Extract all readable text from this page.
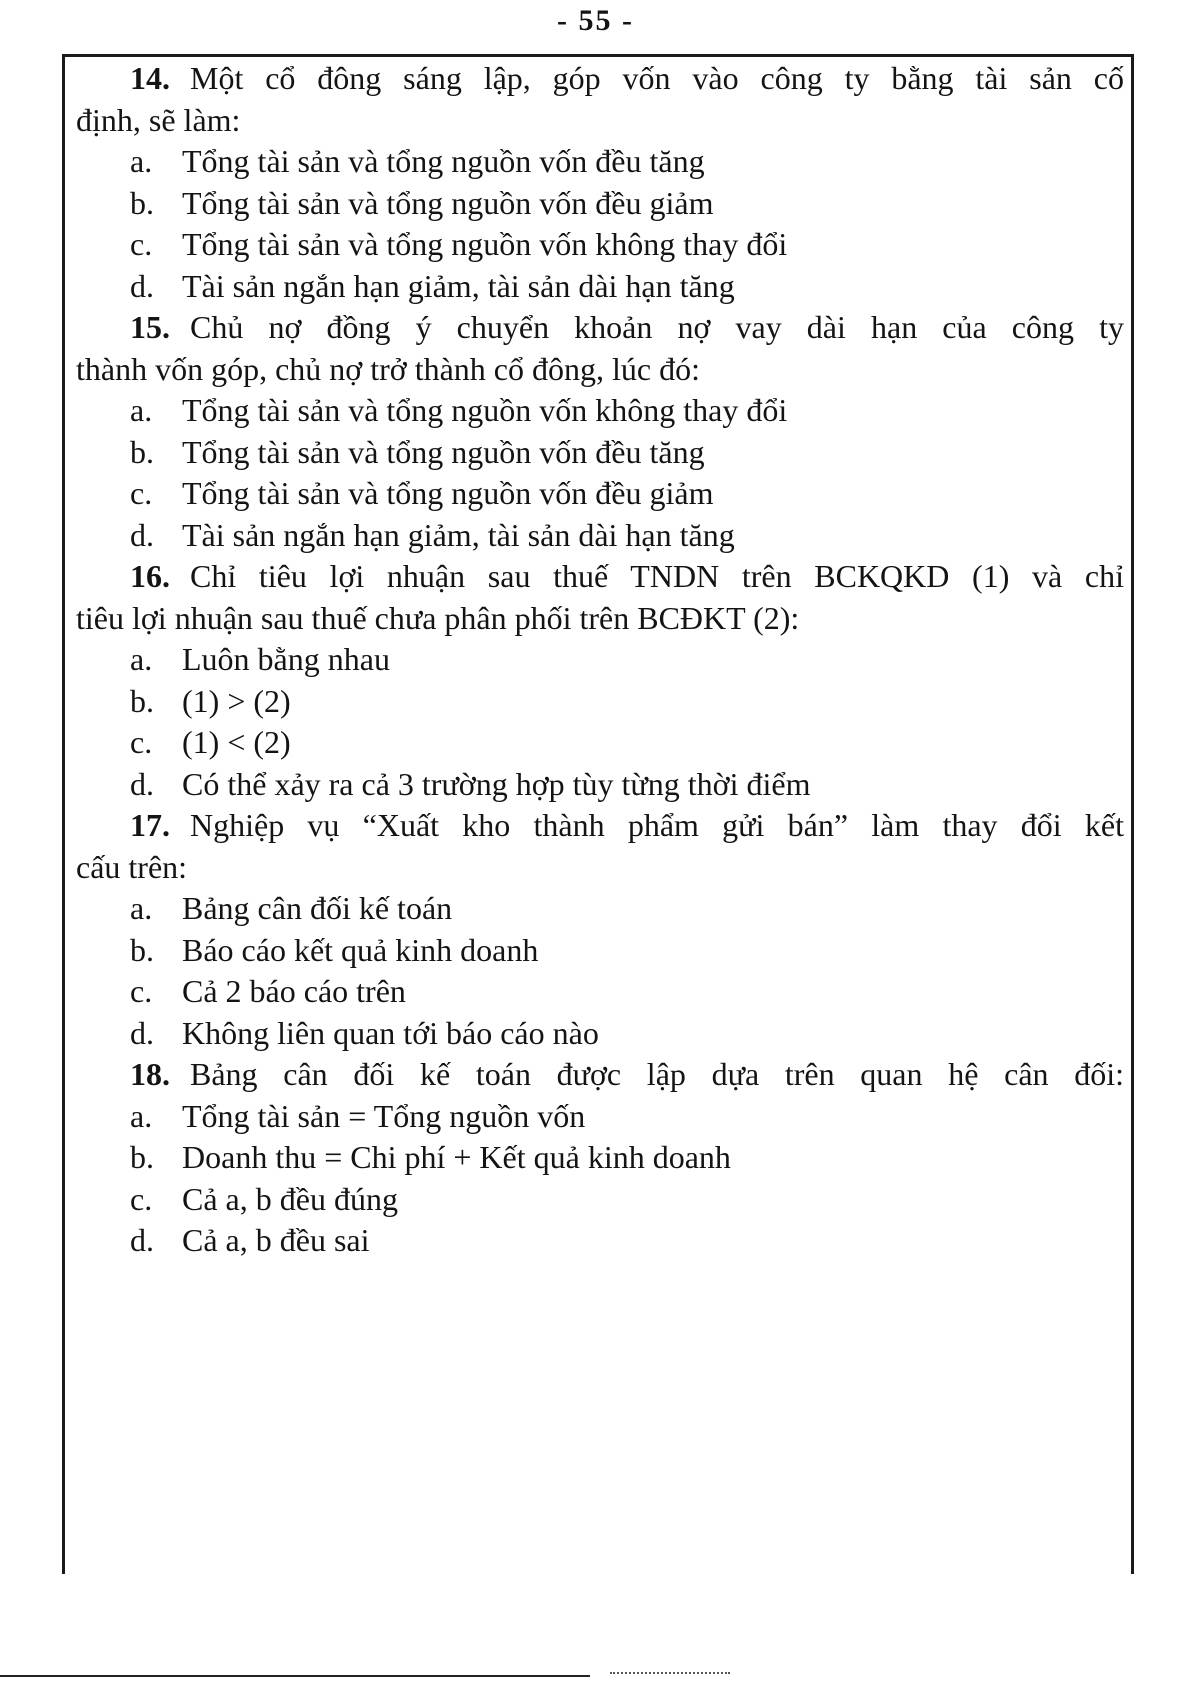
- 55 -
14. Một cổ đông sáng lập, góp vốn vào công ty bằng tài sản cố
định, sẽ làm:
a. Tổng tài sản và tổng nguồn vốn đều tăng
b. Tổng tài sản và tổng nguồn vốn đều giảm
c. Tổng tài sản và tổng nguồn vốn không thay đổi
d. Tài sản ngắn hạn giảm, tài sản dài hạn tăng
15. Chủ nợ đồng ý chuyển khoản nợ vay dài hạn của công ty
thành vốn góp, chủ nợ trở thành cổ đông, lúc đó:
a. Tổng tài sản và tổng nguồn vốn không thay đổi
b. Tổng tài sản và tổng nguồn vốn đều tăng
c. Tổng tài sản và tổng nguồn vốn đều giảm
d. Tài sản ngắn hạn giảm, tài sản dài hạn tăng
16. Chỉ tiêu lợi nhuận sau thuế TNDN trên BCKQKD (1) và chỉ
tiêu lợi nhuận sau thuế chưa phân phối trên BCĐKT (2):
a. Luôn bằng nhau
b. (1) > (2)
c. (1) < (2)
d. Có thể xảy ra cả 3 trường hợp tùy từng thời điểm
17. Nghiệp vụ “Xuất kho thành phẩm gửi bán” làm thay đổi kết
cấu trên:
a. Bảng cân đối kế toán
b. Báo cáo kết quả kinh doanh
c. Cả 2 báo cáo trên
d. Không liên quan tới báo cáo nào
18. Bảng cân đối kế toán được lập dựa trên quan hệ cân đối:
a. Tổng tài sản = Tổng nguồn vốn
b. Doanh thu = Chi phí + Kết quả kinh doanh
c. Cả a, b đều đúng
d. Cả a, b đều sai
